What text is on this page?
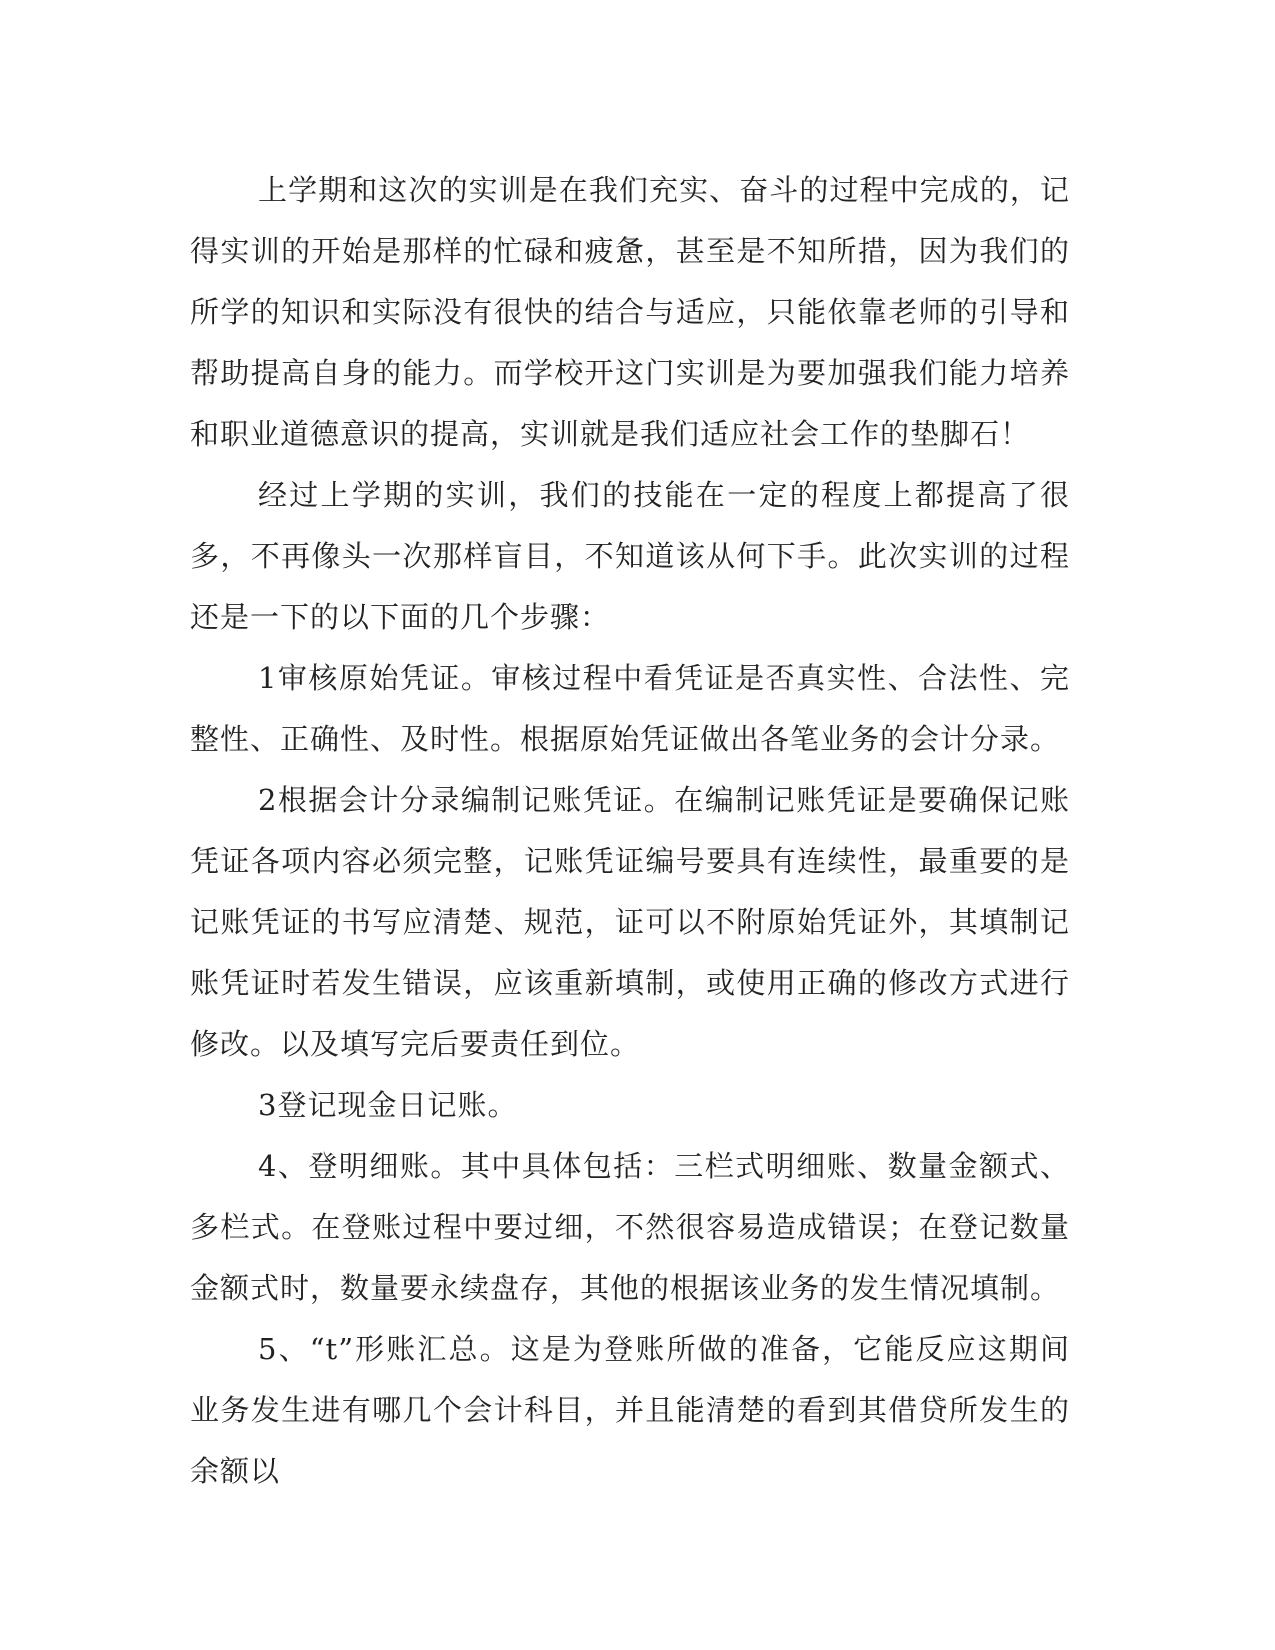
上学期和这次的实训是在我们充实、奋斗的过程中完成的，记得实训的开始是那样的忙碌和疲惫，甚至是不知所措，因为我们的所学的知识和实际没有很快的结合与适应，只能依靠老师的引导和帮助提高自身的能力。而学校开这门实训是为要加强我们能力培养和职业道德意识的提高，实训就是我们适应社会工作的垫脚石！

经过上学期的实训，我们的技能在一定的程度上都提高了很多，不再像头一次那样盲目，不知道该从何下手。此次实训的过程还是一下的以下面的几个步骤：

1审核原始凭证。审核过程中看凭证是否真实性、合法性、完整性、正确性、及时性。根据原始凭证做出各笔业务的会计分录。

2根据会计分录编制记账凭证。在编制记账凭证是要确保记账凭证各项内容必须完整，记账凭证编号要具有连续性，最重要的是记账凭证的书写应清楚、规范，证可以不附原始凭证外，其填制记账凭证时若发生错误，应该重新填制，或使用正确的修改方式进行修改。以及填写完后要责任到位。

3登记现金日记账。

4、登明细账。其中具体包括：三栏式明细账、数量金额式、多栏式。在登账过程中要过细，不然很容易造成错误；在登记数量金额式时，数量要永续盘存，其他的根据该业务的发生情况填制。

5、“t”形账汇总。这是为登账所做的准备，它能反应这期间业务发生进有哪几个会计科目，并且能清楚的看到其借贷所发生的余额以
